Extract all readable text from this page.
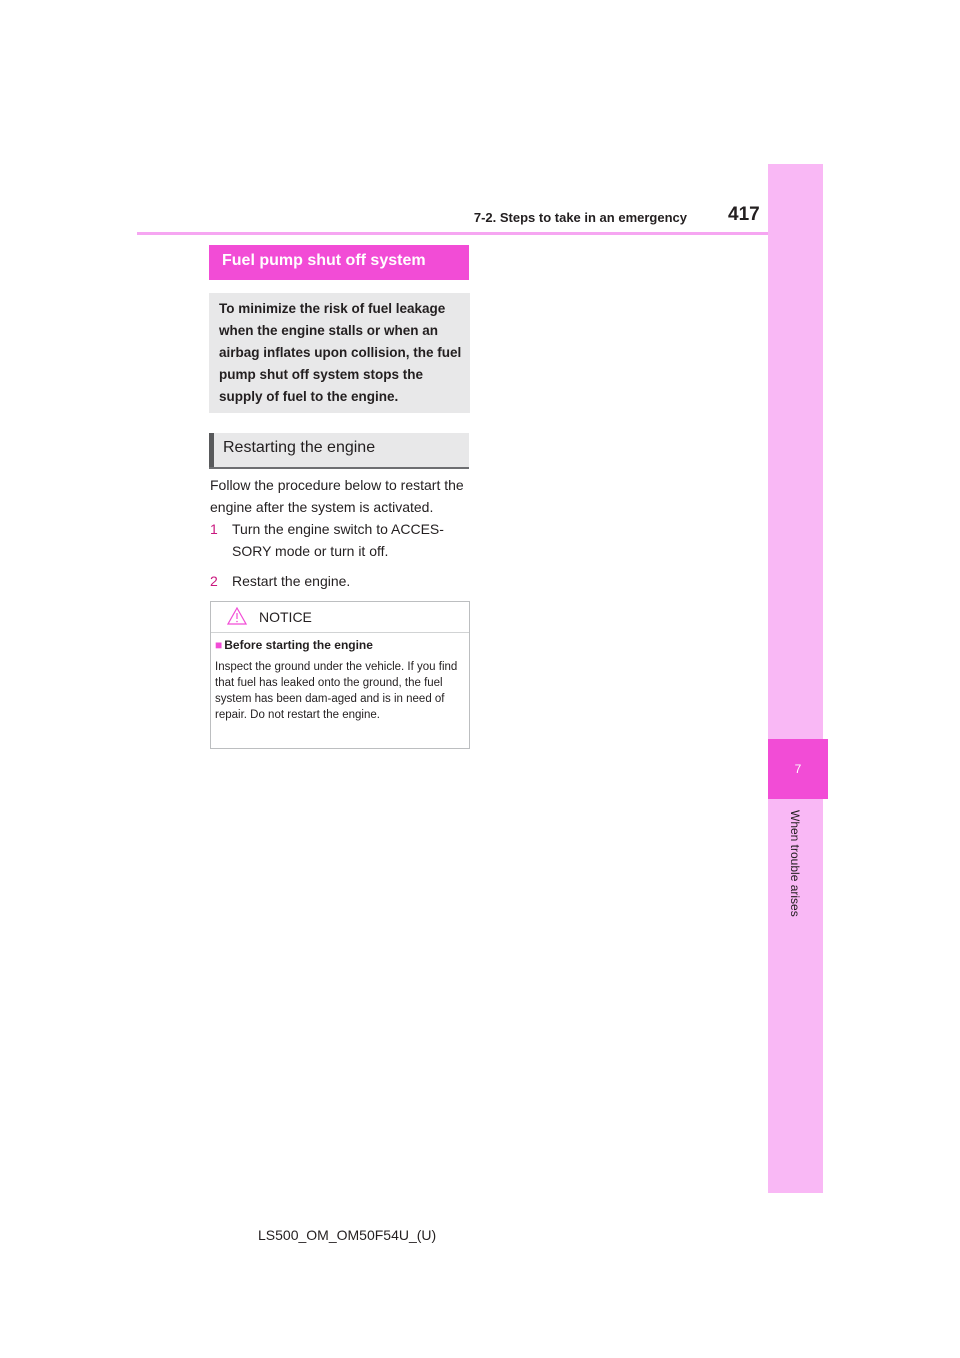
7-2. Steps to take in an emergency 417
7
When trouble arises
Fuel pump shut off system

To minimize the risk of fuel leakage when the engine stalls or when an airbag inflates upon collision, the fuel pump shut off system stops the supply of fuel to the engine.

Restarting the engine

Follow the procedure below to restart the engine after the system is activated.

1 Turn the engine switch to ACCES-SORY mode or turn it off.
2 Restart the engine.
NOTICE
■ Before starting the engine

Inspect the ground under the vehicle. If you find that fuel has leaked onto the ground, the fuel system has been dam-aged and is in need of repair. Do not restart the engine.

LS500_OM_OM50F54U_(U)
